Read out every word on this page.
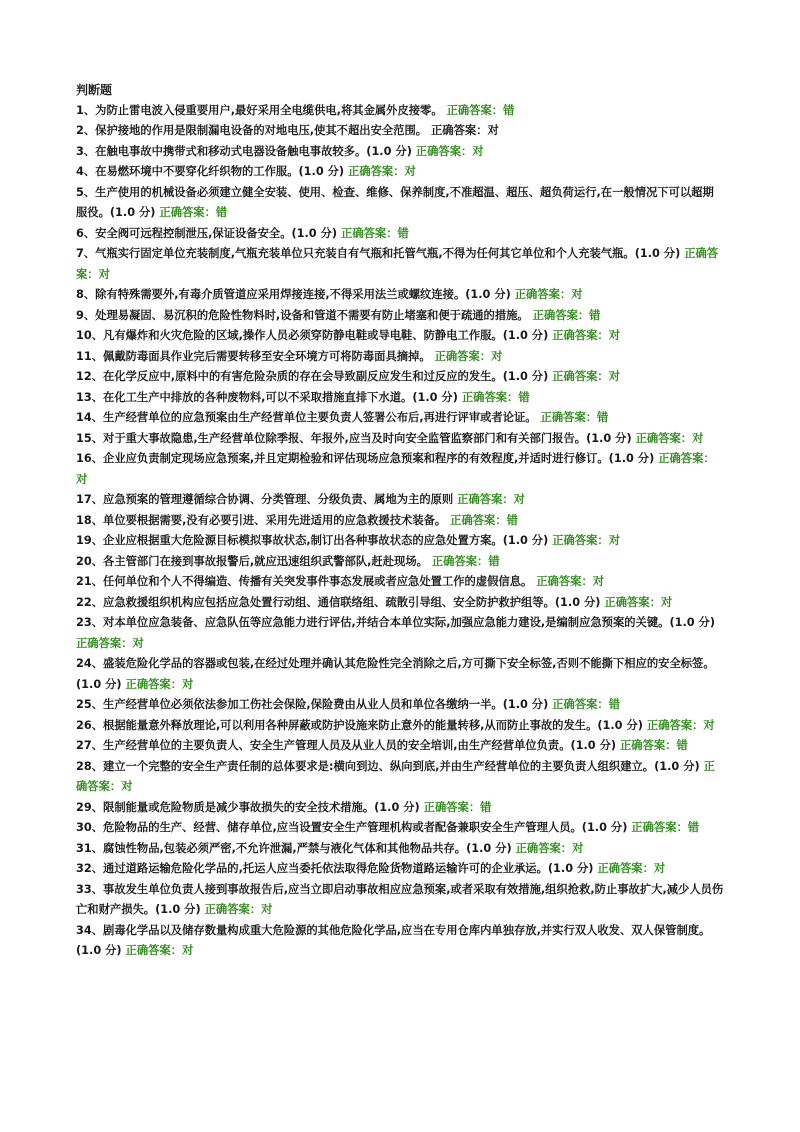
判断题

1、为防止雷电波入侵重要用户,最好采用全电缆供电,将其金属外皮接零。 正确答案：错

2、保护接地的作用是限制漏电设备的对地电压,使其不超出安全范围。 正确答案：对

3、在触电事故中携带式和移动式电器设备触电事故较多。(1.0 分) 正确答案：对

4、在易燃环境中不要穿化纤织物的工作服。(1.0 分) 正确答案：对

5、生产使用的机械设备必须建立健全安装、使用、检查、维修、保养制度,不准超温、超压、超负荷运行,在一般情况下可以超期服役。(1.0 分) 正确答案：错

6、安全阀可远程控制泄压,保证设备安全。(1.0 分) 正确答案：错

7、气瓶实行固定单位充装制度,气瓶充装单位只充装自有气瓶和托管气瓶,不得为任何其它单位和个人充装气瓶。(1.0 分) 正确答案：对

8、除有特殊需要外,有毒介质管道应采用焊接连接,不得采用法兰或螺纹连接。(1.0 分) 正确答案：对

9、处理易凝固、易沉积的危险性物料时,设备和管道不需要有防止堵塞和便于疏通的措施。 正确答案：错

10、凡有爆炸和火灾危险的区域,操作人员必须穿防静电鞋或导电鞋、防静电工作服。(1.0 分) 正确答案：对

11、佩戴防毒面具作业完后需要转移至安全环境方可将防毒面具摘掉。 正确答案：对

12、在化学反应中,原料中的有害危险杂质的存在会导致副反应发生和过反应的发生。(1.0 分) 正确答案：对

13、在化工生产中排放的各种废物料,可以不采取措施直排下水道。(1.0 分) 正确答案：错

14、生产经营单位的应急预案由生产经营单位主要负责人签署公布后,再进行评审或者论证。 正确答案：错

15、对于重大事故隐患,生产经营单位除季报、年报外,应当及时向安全监管监察部门和有关部门报告。(1.0 分) 正确答案：对

16、企业应负责制定现场应急预案,并且定期检验和评估现场应急预案和程序的有效程度,并适时进行修订。(1.0 分) 正确答案：对

17、应急预案的管理遵循综合协调、分类管理、分级负责、属地为主的原则 正确答案：对

18、单位要根据需要,没有必要引进、采用先进适用的应急救援技术装备。 正确答案：错

19、企业应根据重大危险源目标模拟事故状态,制订出各种事故状态的应急处置方案。(1.0 分) 正确答案：对

20、各主管部门在接到事故报警后,就应迅速组织武警部队,赶赴现场。 正确答案：错

21、任何单位和个人不得编造、传播有关突发事件事态发展或者应急处置工作的虚假信息。 正确答案：对

22、应急救援组织机构应包括应急处置行动组、通信联络组、疏散引导组、安全防护救护组等。(1.0 分) 正确答案：对

23、对本单位应急装备、应急队伍等应急能力进行评估,并结合本单位实际,加强应急能力建设,是编制应急预案的关键。(1.0 分) 正确答案：对

24、盛装危险化学品的容器或包装,在经过处理并确认其危险性完全消除之后,方可撕下安全标签,否则不能撕下相应的安全标签。(1.0 分) 正确答案：对

25、生产经营单位必须依法参加工伤社会保险,保险费由从业人员和单位各缴纳一半。(1.0 分) 正确答案：错

26、根据能量意外释放理论,可以利用各种屏蔽或防护设施来防止意外的能量转移,从而防止事故的发生。(1.0 分) 正确答案：对

27、生产经营单位的主要负责人、安全生产管理人员及从业人员的安全培训,由生产经营单位负责。(1.0 分) 正确答案：错

28、建立一个完整的安全生产责任制的总体要求是:横向到边、纵向到底,并由生产经营单位的主要负责人组织建立。(1.0 分) 正确答案：对

29、限制能量或危险物质是减少事故损失的安全技术措施。(1.0 分) 正确答案：错

30、危险物品的生产、经营、储存单位,应当设置安全生产管理机构或者配备兼职安全生产管理人员。(1.0 分) 正确答案：错

31、腐蚀性物品,包装必须严密,不允许泄漏,严禁与液化气体和其他物品共存。(1.0 分) 正确答案：对

32、通过道路运输危险化学品的,托运人应当委托依法取得危险货物道路运输许可的企业承运。(1.0 分) 正确答案：对

33、事故发生单位负责人接到事故报告后,应当立即启动事故相应应急预案,或者采取有效措施,组织抢救,防止事故扩大,减少人员伤亡和财产损失。(1.0 分) 正确答案：对

34、剧毒化学品以及储存数量构成重大危险源的其他危险化学品,应当在专用仓库内单独存放,并实行双人收发、双人保管制度。(1.0 分) 正确答案：对
